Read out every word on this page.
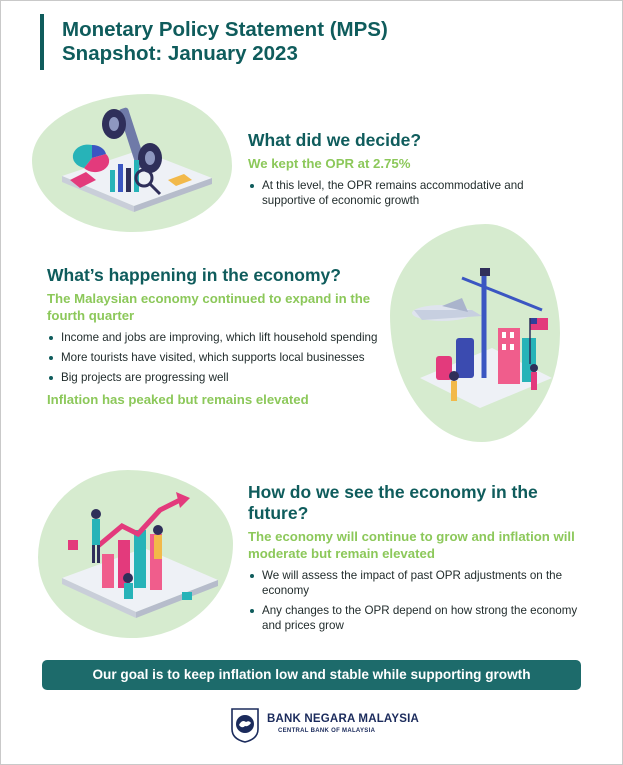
Monetary Policy Statement (MPS)
Snapshot: January 2023
What did we decide?

We kept the OPR at 2.75%

At this level, the OPR remains accommodative and supportive of economic growth
What’s happening in the economy?

The Malaysian economy continued to expand in the fourth quarter

Income and jobs are improving, which lift household spending
More tourists have visited, which supports local businesses
Big projects are progressing well

Inflation has peaked but remains elevated

How do we see the economy in the future?

The economy will continue to grow and inflation will moderate but remain elevated

We will assess the impact of past OPR adjustments on the economy
Any changes to the OPR depend on how strong the economy and prices grow
Our goal is to keep inflation low and stable while supporting growth
BANK NEGARA MALAYSIA
CENTRAL BANK OF MALAYSIA
